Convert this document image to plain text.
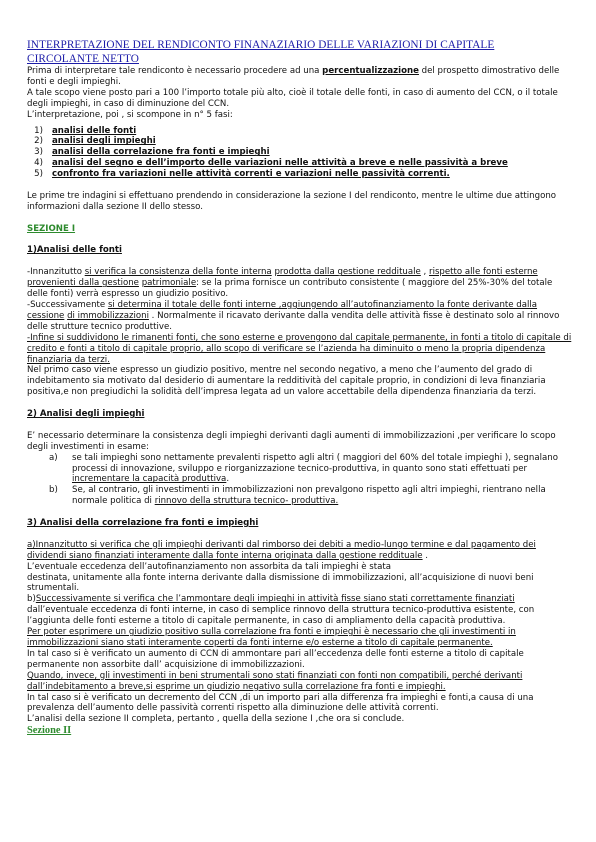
INTERPRETAZIONE DEL RENDICONTO FINANAZIARIO DELLE VARIAZIONI DI CAPITALE
CIRCOLANTE NETTO

Prima di interpretare tale rendiconto è necessario procedere ad una percentualizzazione del prospetto dimostrativo delle fonti e degli impieghi.

A tale scopo viene posto pari a 100 l’importo totale più alto, cioè il totale delle fonti, in caso di aumento del CCN, o il totale degli impieghi, in caso di diminuzione del CCN.

L’interpretazione, poi , si scompone in n° 5 fasi:

1) analisi delle fonti
2) analisi degli impieghi
3) analisi della correlazione fra fonti e impieghi
4) analisi del segno e dell’importo delle variazioni nelle attività a breve e nelle passività a breve
5) confronto fra variazioni nelle attività correnti e variazioni nelle passività correnti.

Le prime tre indagini si effettuano prendendo in considerazione la sezione I del rendiconto, mentre le ultime due attingono informazioni dalla sezione II dello stesso.

SEZIONE I

1)Analisi delle fonti

-Innanzitutto si verifica la consistenza della fonte interna prodotta dalla gestione reddituale , rispetto alle fonti esterne provenienti dalla gestione patrimoniale: se la prima fornisce un contributo consistente ( maggiore del 25%-30% del totale delle fonti) verrà espresso un giudizio positivo.

-Successivamente si determina il totale delle fonti interne ,aggiungendo all’autofinanziamento la fonte derivante dalla cessione di immobilizzazioni . Normalmente il ricavato derivante dalla vendita delle attività fisse è destinato solo al rinnovo delle strutture tecnico produttive.

-Infine si suddividono le rimanenti fonti, che sono esterne e provengono dal capitale permanente, in fonti a titolo di capitale di credito e fonti a titolo di capitale proprio, allo scopo di verificare se l’azienda ha diminuito o meno la propria dipendenza finanziaria da terzi.

Nel primo caso viene espresso un giudizio positivo, mentre nel secondo negativo, a meno che l’aumento del grado di indebitamento sia motivato dal desiderio di aumentare la redditività del capitale proprio, in condizioni di leva finanziaria positiva,e non pregiudichi la solidità dell’impresa legata ad un valore accettabile della dipendenza finanziaria da terzi.

2) Analisi degli impieghi

E’ necessario determinare la consistenza degli impieghi derivanti dagli aumenti di immobilizzazioni ,per verificare lo scopo degli investimenti in esame:

a) se tali impieghi sono nettamente prevalenti rispetto agli altri ( maggiori del 60% del totale impieghi ), segnalano processi di innovazione, sviluppo e riorganizzazione tecnico-produttiva, in quanto sono stati effettuati per incrementare la capacità produttiva.
b) Se, al contrario, gli investimenti in immobilizzazioni non prevalgono rispetto agli altri impieghi, rientrano nella normale politica di rinnovo della struttura tecnico- produttiva.

3) Analisi della correlazione fra fonti e impieghi

a)Innanzitutto si verifica che gli impieghi derivanti dal rimborso dei debiti a medio-lungo termine e dal pagamento dei dividendi siano finanziati interamente dalla fonte interna originata dalla gestione reddituale .

L’eventuale eccedenza dell’autofinanziamento non assorbita da tali impieghi è stata

destinata, unitamente alla fonte interna derivante dalla dismissione di immobilizzazioni, all’acquisizione di nuovi beni strumentali.

b)Successivamente si verifica che l’ammontare degli impieghi in attività fisse siano stati correttamente finanziati dall’eventuale eccedenza di fonti interne, in caso di semplice rinnovo della struttura tecnico-produttiva esistente, con l’aggiunta delle fonti esterne a titolo di capitale permanente, in caso di ampliamento della capacità produttiva.

Per poter esprimere un giudizio positivo sulla correlazione fra fonti e impieghi è necessario che gli investimenti in immobilizzazioni siano stati interamente coperti da fonti interne e/o esterne a titolo di capitale permanente.

In tal caso si è verificato un aumento di CCN di ammontare pari all’eccedenza delle fonti esterne a titolo di capitale permanente non assorbite dall’ acquisizione di immobilizzazioni.

Quando, invece, gli investimenti in beni strumentali sono stati finanziati con fonti non compatibili, perché derivanti dall’indebitamento a breve,si esprime un giudizio negativo sulla correlazione fra fonti e impieghi.

In tal caso si è verificato un decremento del CCN ,di un importo pari alla differenza fra impieghi e fonti,a causa di una prevalenza dell’aumento delle passività correnti rispetto alla diminuzione delle attività correnti.

L’analisi della sezione II completa, pertanto , quella della sezione I ,che ora si conclude.

Sezione II
